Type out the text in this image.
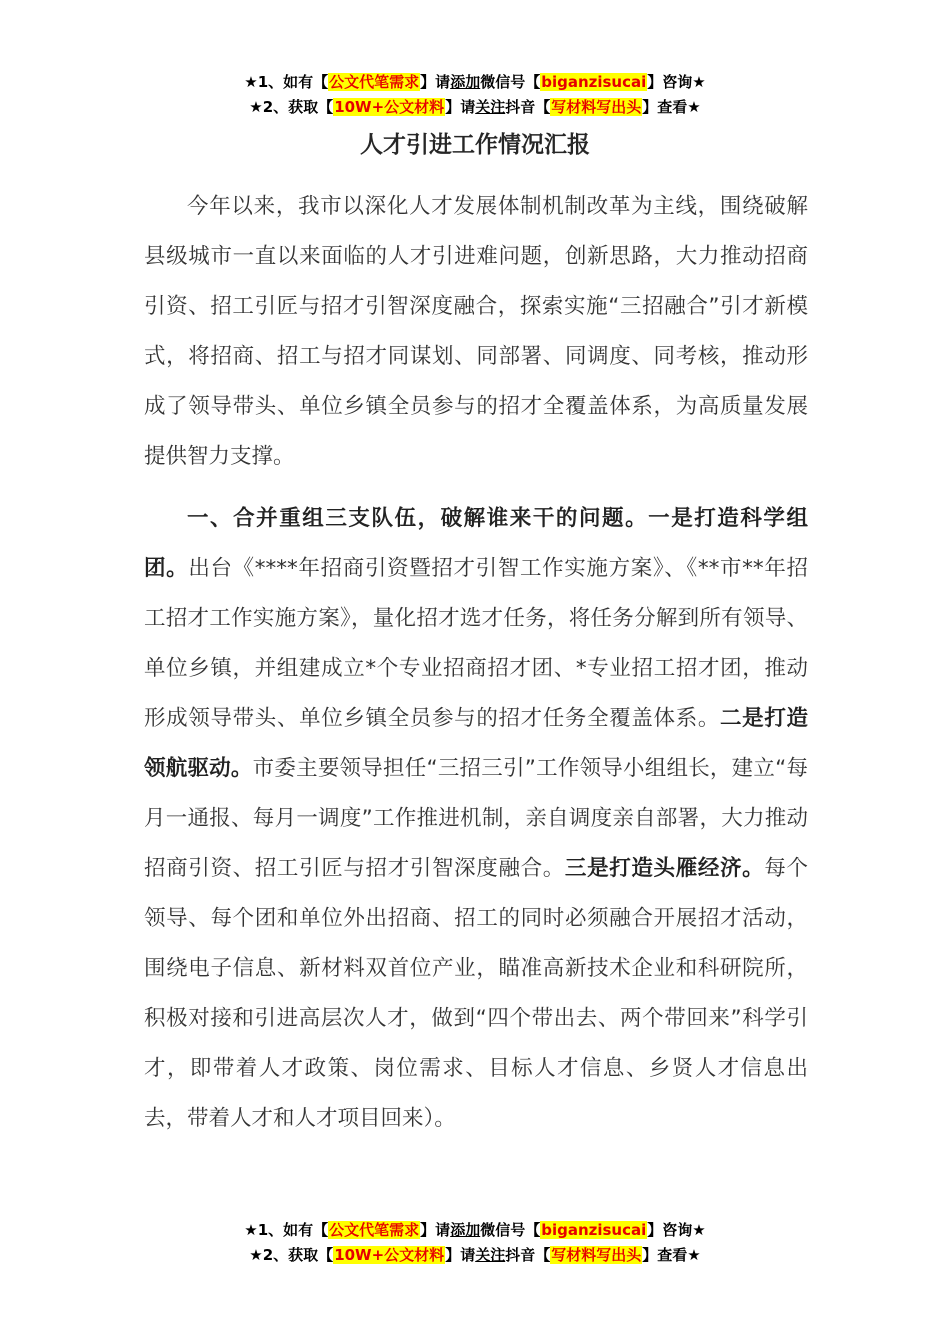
★1、如有【公文代笔需求】请添加微信号【biganzisucai】咨询★
★2、获取【10W+公文材料】请关注抖音【写材料写出头】查看★
人才引进工作情况汇报

今年以来，我市以深化人才发展体制机制改革为主线，围绕破解县级城市一直以来面临的人才引进难问题，创新思路，大力推动招商引资、招工引匠与招才引智深度融合，探索实施“三招融合”引才新模式，将招商、招工与招才同谋划、同部署、同调度、同考核，推动形成了领导带头、单位乡镇全员参与的招才全覆盖体系，为高质量发展提供智力支撑。

一、合并重组三支队伍，破解谁来干的问题。一是打造科学组团。出台《****年招商引资暨招才引智工作实施方案》、《**市**年招工招才工作实施方案》，量化招才选才任务，将任务分解到所有领导、单位乡镇，并组建成立*个专业招商招才团、*专业招工招才团，推动形成领导带头、单位乡镇全员参与的招才任务全覆盖体系。二是打造领航驱动。市委主要领导担任“三招三引”工作领导小组组长，建立“每月一通报、每月一调度”工作推进机制，亲自调度亲自部署，大力推动招商引资、招工引匠与招才引智深度融合。三是打造头雁经济。每个领导、每个团和单位外出招商、招工的同时必须融合开展招才活动，围绕电子信息、新材料双首位产业，瞄准高新技术企业和科研院所，积极对接和引进高层次人才，做到“四个带出去、两个带回来”科学引才，即带着人才政策、岗位需求、目标人才信息、乡贤人才信息出去，带着人才和人才项目回来）。

★1、如有【公文代笔需求】请添加微信号【biganzisucai】咨询★
★2、获取【10W+公文材料】请关注抖音【写材料写出头】查看★
